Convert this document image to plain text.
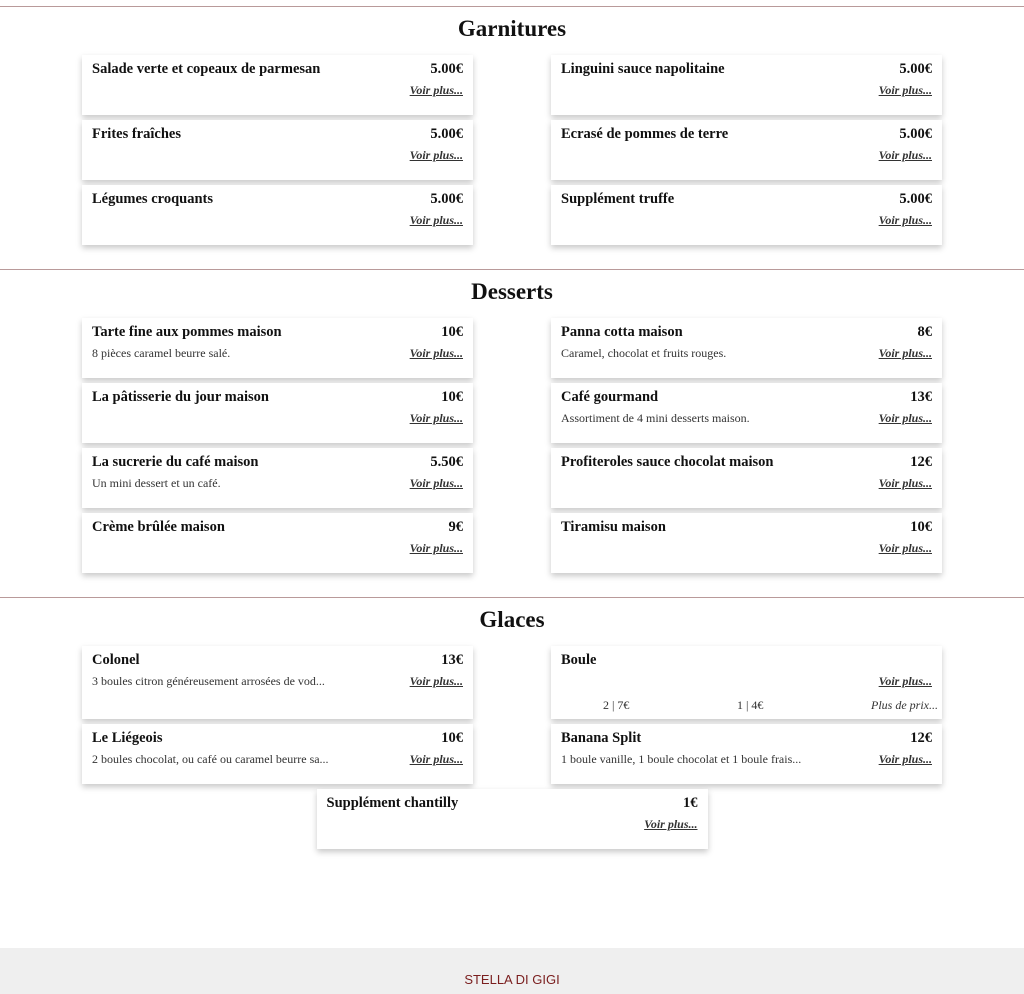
Garnitures
Salade verte et copeaux de parmesan	5.00€
Voir plus...
Linguini sauce napolitaine	5.00€
Voir plus...
Frites fraîches	5.00€
Voir plus...
Ecrasé de pommes de terre	5.00€
Voir plus...
Légumes croquants	5.00€
Voir plus...
Supplément truffe	5.00€
Voir plus...
Desserts
Tarte fine aux pommes maison	10€
8 pièces caramel beurre salé.	Voir plus...
Panna cotta maison	8€
Caramel, chocolat et fruits rouges.	Voir plus...
La pâtisserie du jour maison	10€
Voir plus...
Café gourmand	13€
Assortiment de 4 mini desserts maison.	Voir plus...
La sucrerie du café maison	5.50€
Un mini dessert et un café.	Voir plus...
Profiteroles sauce chocolat maison	12€
Voir plus...
Crème brûlée maison	9€
Voir plus...
Tiramisu maison	10€
Voir plus...
Glaces
Colonel	13€
3 boules citron généreusement arrosées de vod...	Voir plus...
Boule
Voir plus...
2 | 7€	1 | 4€	Plus de prix...
Le Liégeois	10€
2 boules chocolat, ou café ou caramel beurre sa...	Voir plus...
Banana Split	12€
1 boule vanille, 1 boule chocolat et 1 boule frais...	Voir plus...
Supplément chantilly	1€
Voir plus...
STELLA DI GIGI
